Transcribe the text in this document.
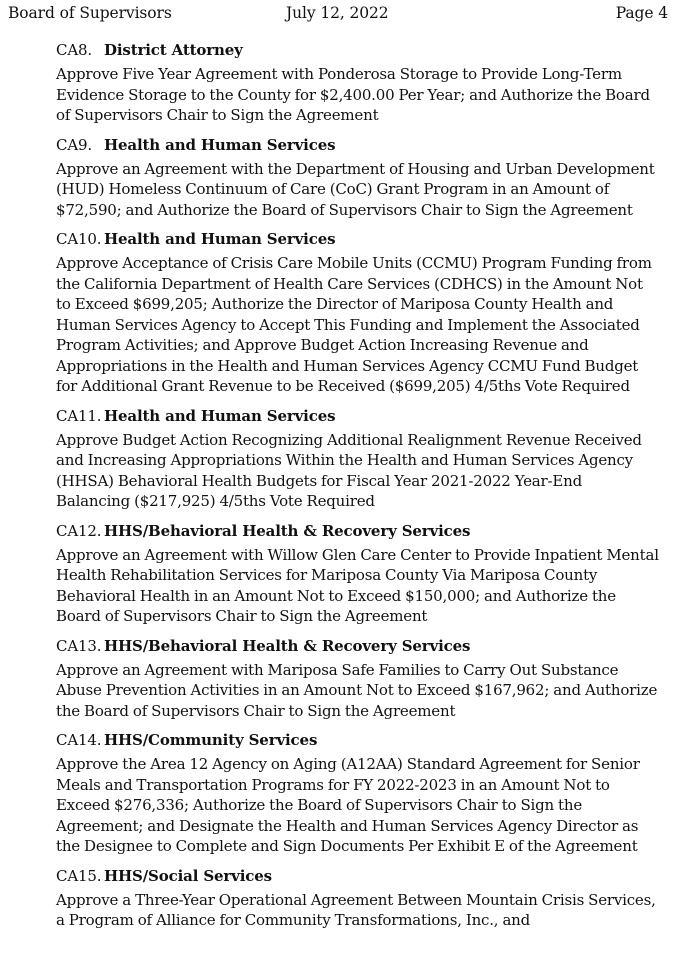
Board of Supervisors	July 12, 2022	Page 4

CA8. District Attorney

Approve Five Year Agreement with Ponderosa Storage to Provide Long-Term Evidence Storage to the County for $2,400.00 Per Year; and Authorize the Board of Supervisors Chair to Sign the Agreement

CA9. Health and Human Services

Approve an Agreement with the Department of Housing and Urban Development (HUD) Homeless Continuum of Care (CoC) Grant Program in an Amount of $72,590; and Authorize the Board of Supervisors Chair to Sign the Agreement

CA10. Health and Human Services

Approve Acceptance of Crisis Care Mobile Units (CCMU) Program Funding from the California Department of Health Care Services (CDHCS) in the Amount Not to Exceed $699,205; Authorize the Director of Mariposa County Health and Human Services Agency to Accept This Funding and Implement the Associated Program Activities; and Approve Budget Action Increasing Revenue and Appropriations in the Health and Human Services Agency CCMU Fund Budget for Additional Grant Revenue to be Received ($699,205) 4/5ths Vote Required

CA11. Health and Human Services

Approve Budget Action Recognizing Additional Realignment Revenue Received and Increasing Appropriations Within the Health and Human Services Agency (HHSA) Behavioral Health Budgets for Fiscal Year 2021-2022 Year-End Balancing ($217,925) 4/5ths Vote Required

CA12. HHS/Behavioral Health & Recovery Services

Approve an Agreement with Willow Glen Care Center to Provide Inpatient Mental Health Rehabilitation Services for Mariposa County Via Mariposa County Behavioral Health in an Amount Not to Exceed $150,000; and Authorize the Board of Supervisors Chair to Sign the Agreement

CA13. HHS/Behavioral Health & Recovery Services

Approve an Agreement with Mariposa Safe Families to Carry Out Substance Abuse Prevention Activities in an Amount Not to Exceed $167,962; and Authorize the Board of Supervisors Chair to Sign the Agreement

CA14. HHS/Community Services

Approve the Area 12 Agency on Aging (A12AA) Standard Agreement for Senior Meals and Transportation Programs for FY 2022-2023 in an Amount Not to Exceed $276,336; Authorize the Board of Supervisors Chair to Sign the Agreement; and Designate the Health and Human Services Agency Director as the Designee to Complete and Sign Documents Per Exhibit E of the Agreement

CA15. HHS/Social Services

Approve a Three-Year Operational Agreement Between Mountain Crisis Services, a Program of Alliance for Community Transformations, Inc., and
